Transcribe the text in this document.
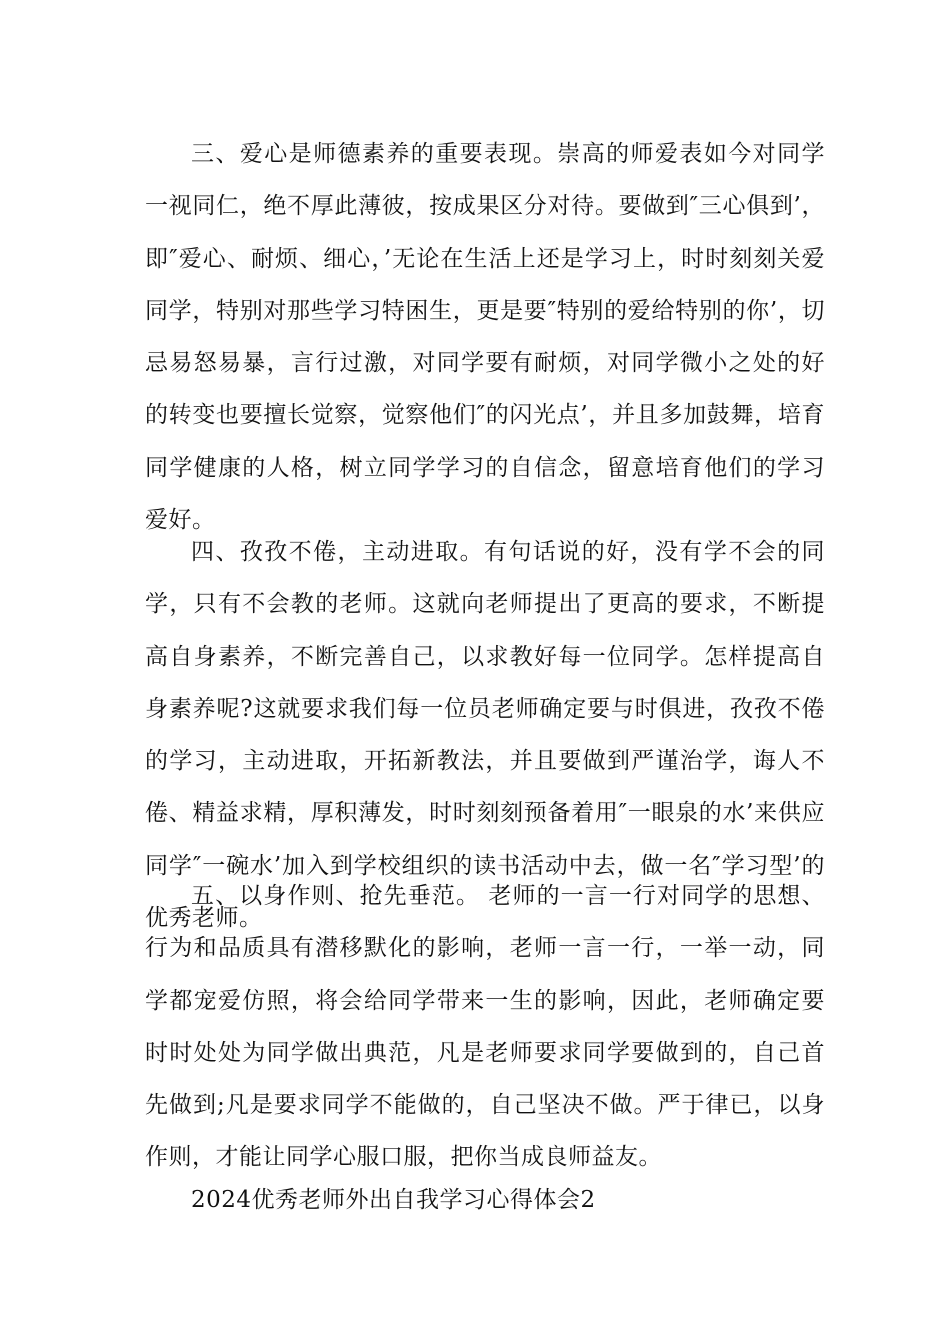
三、爱心是师德素养的重要表现。崇高的师爱表如今对同学一视同仁，绝不厚此薄彼，按成果区分对待。要做到″三心俱到’，即″爱心、耐烦、细心，’无论在生活上还是学习上，时时刻刻关爱同学，特别对那些学习特困生，更是要″特别的爱给特别的你’，切忌易怒易暴，言行过激，对同学要有耐烦，对同学微小之处的好的转变也要擅长觉察，觉察他们″的闪光点’，并且多加鼓舞，培育同学健康的人格，树立同学学习的自信念，留意培育他们的学习爱好。

四、孜孜不倦，主动进取。有句话说的好，没有学不会的同学，只有不会教的老师。这就向老师提出了更高的要求，不断提高自身素养，不断完善自己，以求教好每一位同学。怎样提高自身素养呢?这就要求我们每一位员老师确定要与时俱进，孜孜不倦的学习，主动进取，开拓新教法，并且要做到严谨治学，诲人不倦、精益求精，厚积薄发，时时刻刻预备着用″一眼泉的水’来供应同学″一碗水’加入到学校组织的读书活动中去，做一名″学习型’的优秀老师。

五、以身作则、抢先垂范。 老师的一言一行对同学的思想、行为和品质具有潜移默化的影响，老师一言一行，一举一动，同学都宠爱仿照，将会给同学带来一生的影响，因此，老师确定要时时处处为同学做出典范，凡是老师要求同学要做到的，自己首先做到;凡是要求同学不能做的，自己坚决不做。严于律已，以身作则，才能让同学心服口服，把你当成良师益友。

2024优秀老师外出自我学习心得体会2
